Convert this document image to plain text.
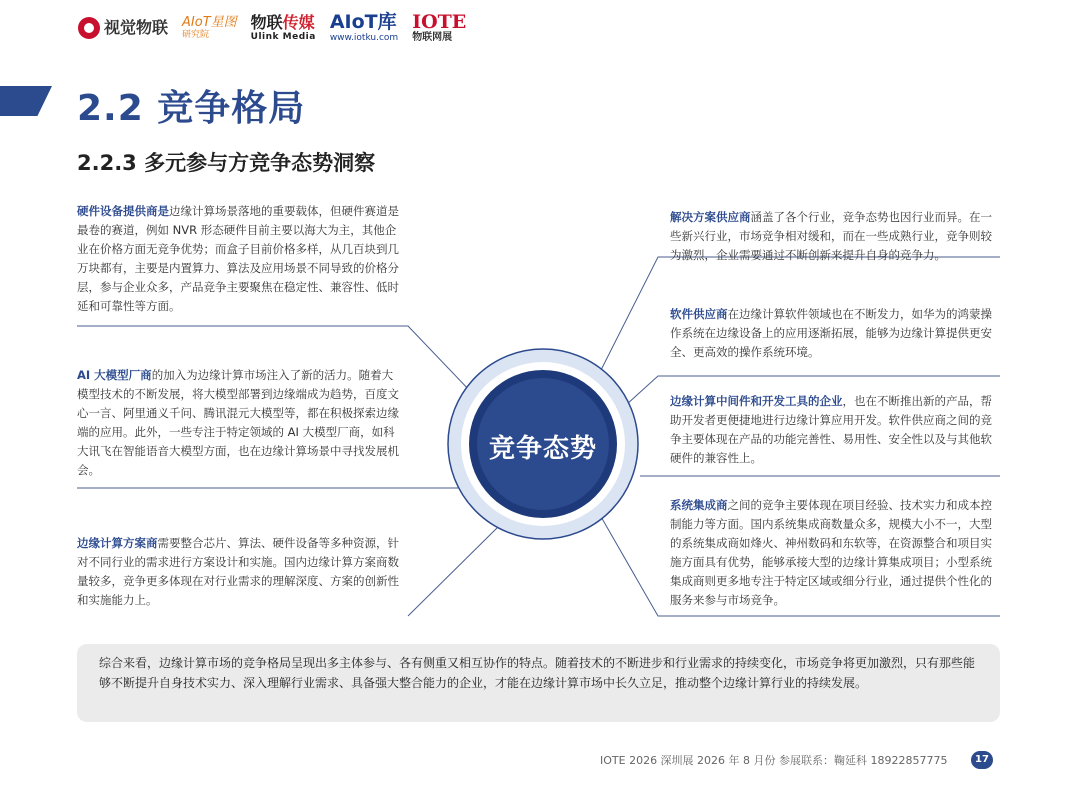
视觉物联 AIoT星图
研究院
物联传媒
Ulink Media
AIoT库
www.iotku.com
IOTE
物联网展
2.2 竞争格局
2.2.3 多元参与方竞争态势洞察
竞争态势
硬件设备提供商是边缘计算场景落地的重要载体，但硬件赛道是最卷的赛道，例如 NVR 形态硬件目前主要以海大为主，其他企业在价格方面无竞争优势；而盒子目前价格多样，从几百块到几万块都有，主要是内置算力、算法及应用场景不同导致的价格分层，参与企业众多，产品竞争主要聚焦在稳定性、兼容性、低时延和可靠性等方面。
AI 大模型厂商的加入为边缘计算市场注入了新的活力。随着大模型技术的不断发展，将大模型部署到边缘端成为趋势，百度文心一言、阿里通义千问、腾讯混元大模型等，都在积极探索边缘端的应用。此外，一些专注于特定领域的 AI 大模型厂商，如科大讯飞在智能语音大模型方面，也在边缘计算场景中寻找发展机会。
边缘计算方案商需要整合芯片、算法、硬件设备等多种资源，针对不同行业的需求进行方案设计和实施。国内边缘计算方案商数量较多，竞争更多体现在对行业需求的理解深度、方案的创新性和实施能力上。
解决方案供应商涵盖了各个行业，竞争态势也因行业而异。在一些新兴行业，市场竞争相对缓和，而在一些成熟行业，竞争则较为激烈，企业需要通过不断创新来提升自身的竞争力。
软件供应商在边缘计算软件领域也在不断发力，如华为的鸿蒙操作系统在边缘设备上的应用逐渐拓展，能够为边缘计算提供更安全、更高效的操作系统环境。
边缘计算中间件和开发工具的企业，也在不断推出新的产品，帮助开发者更便捷地进行边缘计算应用开发。软件供应商之间的竞争主要体现在产品的功能完善性、易用性、安全性以及与其他软硬件的兼容性上。
系统集成商之间的竞争主要体现在项目经验、技术实力和成本控制能力等方面。国内系统集成商数量众多，规模大小不一，大型的系统集成商如烽火、神州数码和东软等，在资源整合和项目实施方面具有优势，能够承接大型的边缘计算集成项目；小型系统集成商则更多地专注于特定区域或细分行业，通过提供个性化的服务来参与市场竞争。
综合来看，边缘计算市场的竞争格局呈现出多主体参与、各有侧重又相互协作的特点。随着技术的不断进步和行业需求的持续变化，市场竞争将更加激烈，只有那些能够不断提升自身技术实力、深入理解行业需求、具备强大整合能力的企业，才能在边缘计算市场中长久立足，推动整个边缘计算行业的持续发展。
IOTE 2026 深圳展 2026 年 8 月份 参展联系：鞠延科 18922857775	17
